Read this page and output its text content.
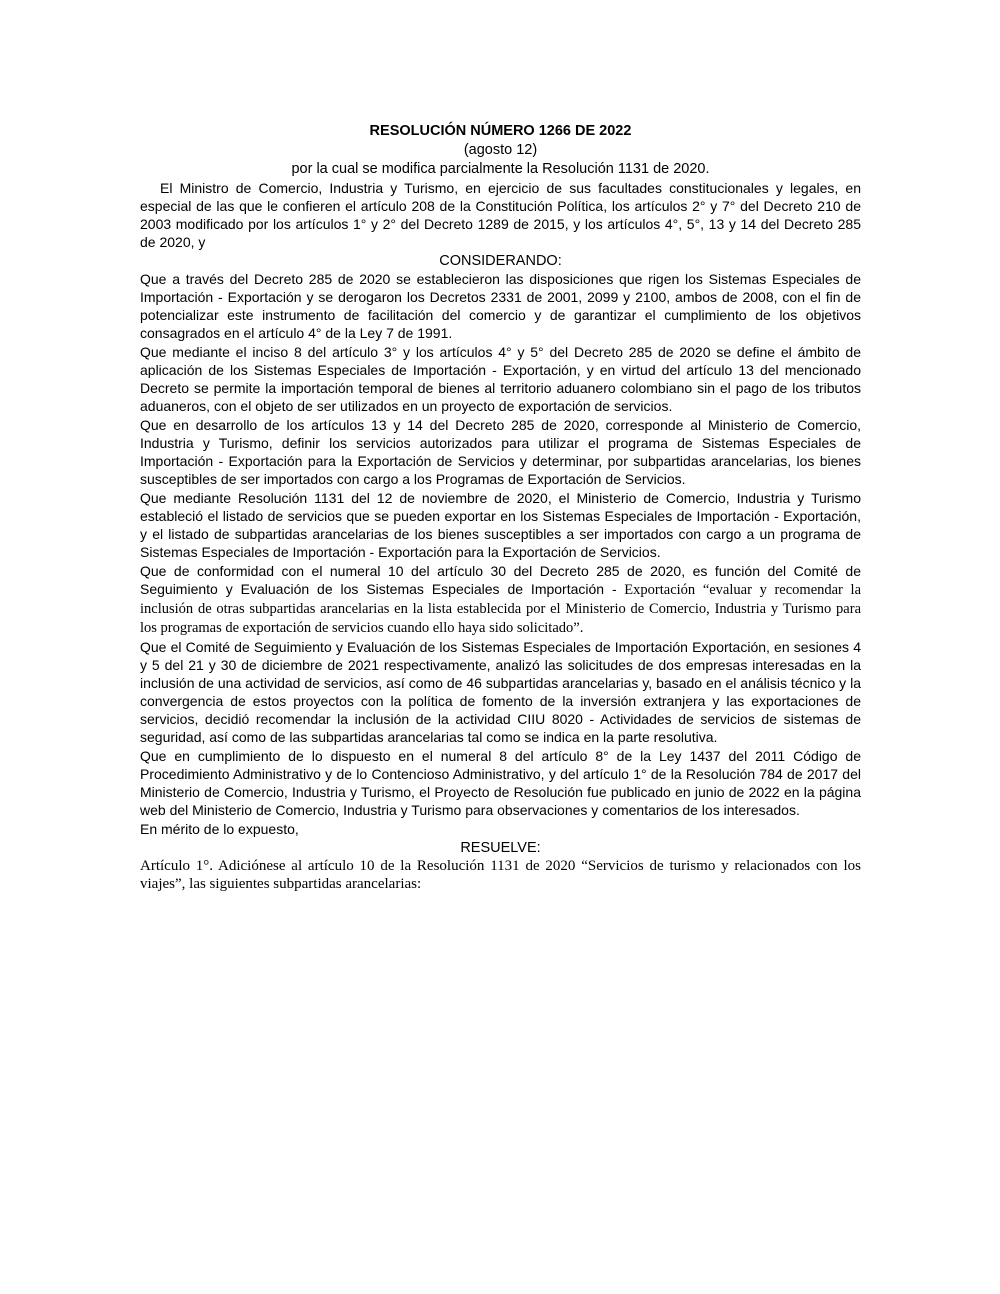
RESOLUCIÓN NÚMERO 1266 DE 2022

(agosto 12)

por la cual se modifica parcialmente la Resolución 1131 de 2020.

El Ministro de Comercio, Industria y Turismo, en ejercicio de sus facultades constitucionales y legales, en especial de las que le confieren el artículo 208 de la Constitución Política, los artículos 2° y 7° del Decreto 210 de 2003 modificado por los artículos 1° y 2° del Decreto 1289 de 2015, y los artículos 4°, 5°, 13 y 14 del Decreto 285 de 2020, y

CONSIDERANDO:

Que a través del Decreto 285 de 2020 se establecieron las disposiciones que rigen los Sistemas Especiales de Importación - Exportación y se derogaron los Decretos 2331 de 2001, 2099 y 2100, ambos de 2008, con el fin de potencializar este instrumento de facilitación del comercio y de garantizar el cumplimiento de los objetivos consagrados en el artículo 4° de la Ley 7 de 1991.

Que mediante el inciso 8 del artículo 3° y los artículos 4° y 5° del Decreto 285 de 2020 se define el ámbito de aplicación de los Sistemas Especiales de Importación - Exportación, y en virtud del artículo 13 del mencionado Decreto se permite la importación temporal de bienes al territorio aduanero colombiano sin el pago de los tributos aduaneros, con el objeto de ser utilizados en un proyecto de exportación de servicios.

Que en desarrollo de los artículos 13 y 14 del Decreto 285 de 2020, corresponde al Ministerio de Comercio, Industria y Turismo, definir los servicios autorizados para utilizar el programa de Sistemas Especiales de Importación - Exportación para la Exportación de Servicios y determinar, por subpartidas arancelarias, los bienes susceptibles de ser importados con cargo a los Programas de Exportación de Servicios.

Que mediante Resolución 1131 del 12 de noviembre de 2020, el Ministerio de Comercio, Industria y Turismo estableció el listado de servicios que se pueden exportar en los Sistemas Especiales de Importación - Exportación, y el listado de subpartidas arancelarias de los bienes susceptibles a ser importados con cargo a un programa de Sistemas Especiales de Importación - Exportación para la Exportación de Servicios.

Que de conformidad con el numeral 10 del artículo 30 del Decreto 285 de 2020, es función del Comité de Seguimiento y Evaluación de los Sistemas Especiales de Importación - Exportación “evaluar y recomendar la inclusión de otras subpartidas arancelarias en la lista establecida por el Ministerio de Comercio, Industria y Turismo para los programas de exportación de servicios cuando ello haya sido solicitado”.

Que el Comité de Seguimiento y Evaluación de los Sistemas Especiales de Importación Exportación, en sesiones 4 y 5 del 21 y 30 de diciembre de 2021 respectivamente, analizó las solicitudes de dos empresas interesadas en la inclusión de una actividad de servicios, así como de 46 subpartidas arancelarias y, basado en el análisis técnico y la convergencia de estos proyectos con la política de fomento de la inversión extranjera y las exportaciones de servicios, decidió recomendar la inclusión de la actividad CIIU 8020 - Actividades de servicios de sistemas de seguridad, así como de las subpartidas arancelarias tal como se indica en la parte resolutiva.

Que en cumplimiento de lo dispuesto en el numeral 8 del artículo 8° de la Ley 1437 del 2011 Código de Procedimiento Administrativo y de lo Contencioso Administrativo, y del artículo 1° de la Resolución 784 de 2017 del Ministerio de Comercio, Industria y Turismo, el Proyecto de Resolución fue publicado en junio de 2022 en la página web del Ministerio de Comercio, Industria y Turismo para observaciones y comentarios de los interesados.

En mérito de lo expuesto,

RESUELVE:

Artículo 1°. Adiciónese al artículo 10 de la Resolución 1131 de 2020 “Servicios de turismo y relacionados con los viajes”, las siguientes subpartidas arancelarias:
